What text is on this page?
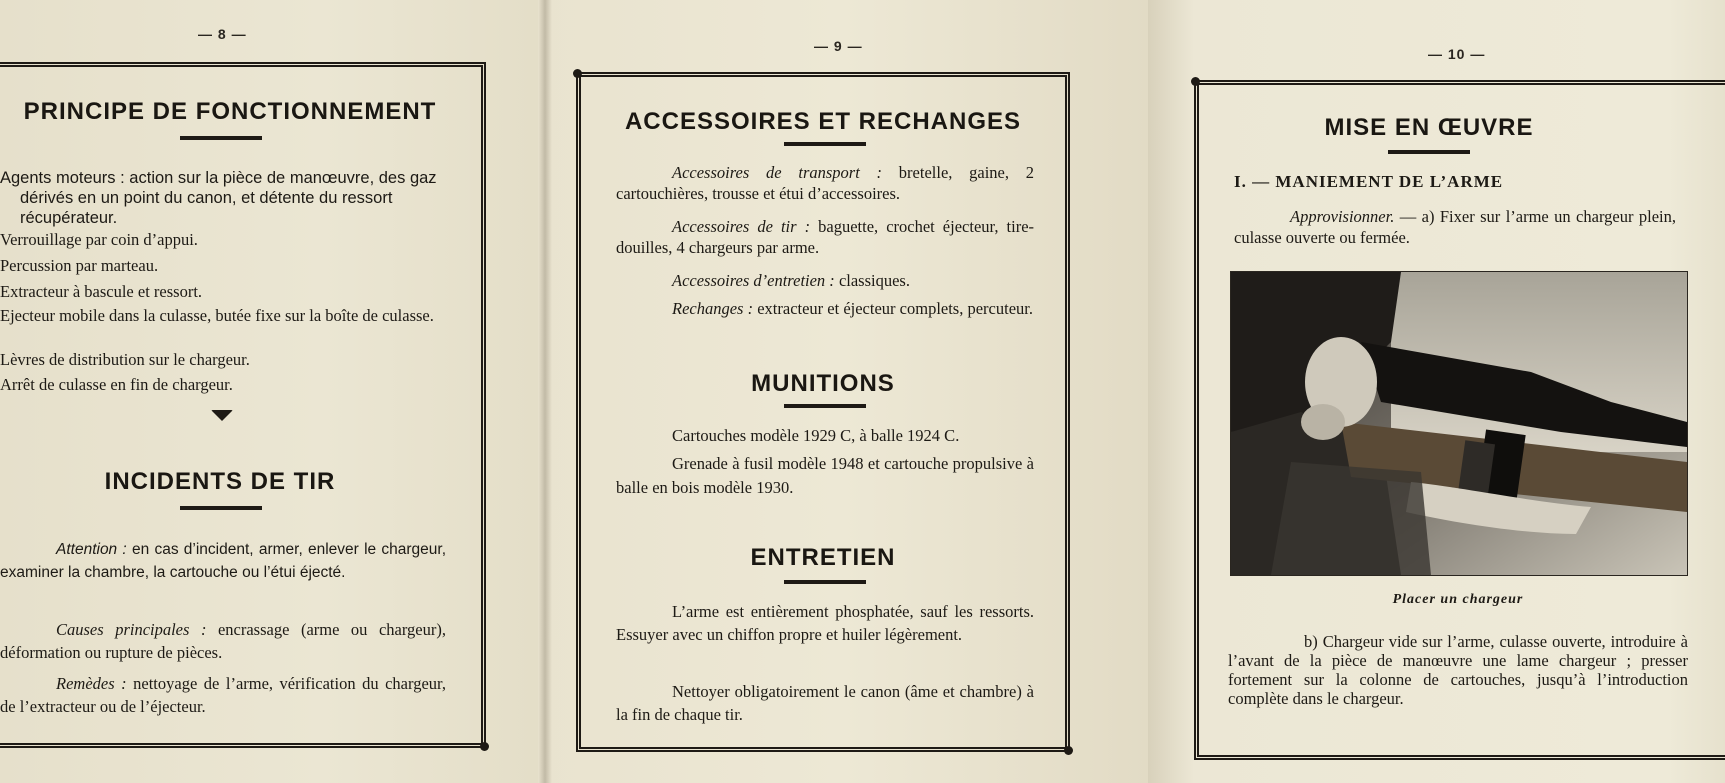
— 8 —
PRINCIPE DE FONCTIONNEMENT

Agents moteurs : action sur la pièce de manœuvre, des gaz dérivés en un point du canon, et détente du ressort récupérateur.

Verrouillage par coin d’appui.

Percussion par marteau.

Extracteur à bascule et ressort.

Ejecteur mobile dans la culasse, butée fixe sur la boîte de culasse.

Lèvres de distribution sur le chargeur.

Arrêt de culasse en fin de chargeur.

INCIDENTS DE TIR

Attention : en cas d’incident, armer, enlever le chargeur, examiner la chambre, la cartouche ou l’étui éjecté.

Causes principales : encrassage (arme ou chargeur), déformation ou rupture de pièces.

Remèdes : nettoyage de l’arme, vérification du chargeur, de l’extracteur ou de l’éjecteur.

— 9 —
ACCESSOIRES ET RECHANGES

Accessoires de transport : bretelle, gaine, 2 cartouchières, trousse et étui d’accessoires.

Accessoires de tir : baguette, crochet éjecteur, tire-douilles, 4 chargeurs par arme.

Accessoires d’entretien : classiques.

Rechanges : extracteur et éjecteur complets, percuteur.

MUNITIONS

Cartouches modèle 1929 C, à balle 1924 C.

Grenade à fusil modèle 1948 et cartouche propulsive à balle en bois modèle 1930.

ENTRETIEN

L’arme est entièrement phosphatée, sauf les ressorts. Essuyer avec un chiffon propre et huiler légèrement.

Nettoyer obligatoirement le canon (âme et chambre) à la fin de chaque tir.

— 10 —
MISE EN ŒUVRE
I. — MANIEMENT DE L’ARME

Approvisionner. — a) Fixer sur l’arme un chargeur plein, culasse ouverte ou fermée.

Placer un chargeur

b) Chargeur vide sur l’arme, culasse ouverte, introduire à l’avant de la pièce de manœuvre une lame chargeur ; presser fortement sur la colonne de cartouches, jusqu’à l’introduction complète dans le chargeur.
